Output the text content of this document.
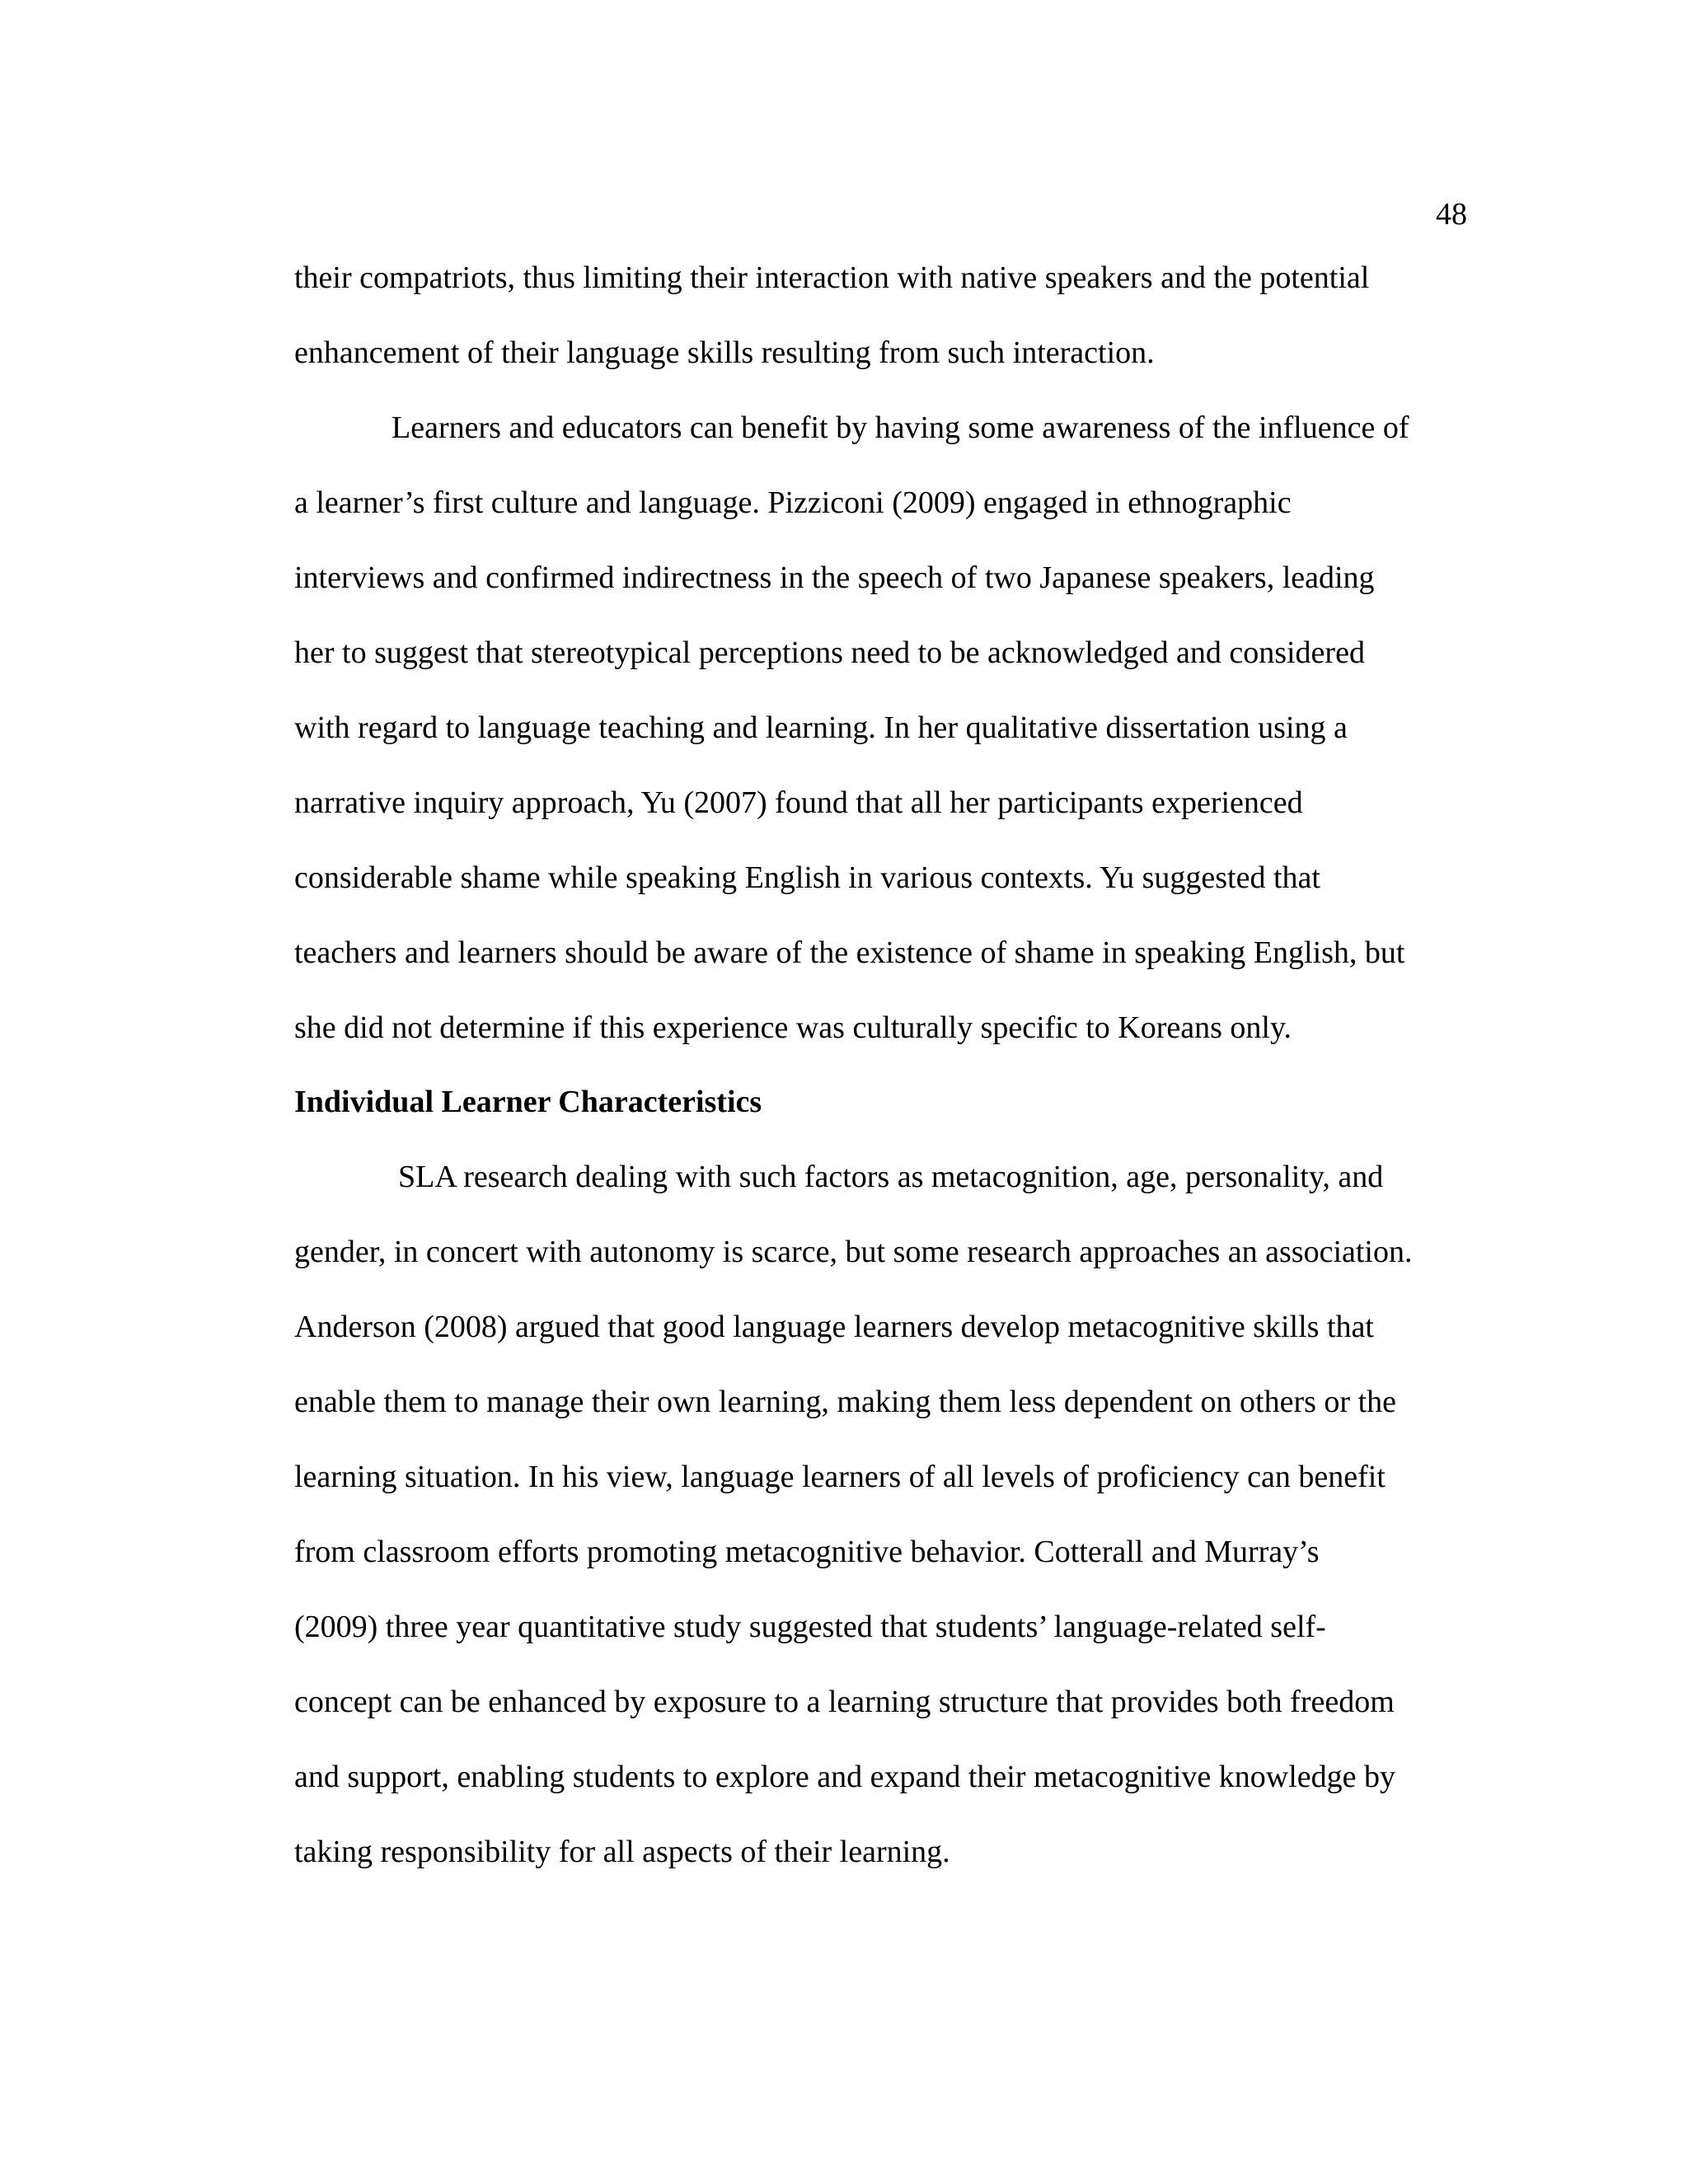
48
their compatriots, thus limiting their interaction with native speakers and the potential
enhancement of their language skills resulting from such interaction.
Learners and educators can benefit by having some awareness of the influence of
a learner’s first culture and language. Pizziconi (2009) engaged in ethnographic
interviews and confirmed indirectness in the speech of two Japanese speakers, leading
her to suggest that stereotypical perceptions need to be acknowledged and considered
with regard to language teaching and learning. In her qualitative dissertation using a
narrative inquiry approach, Yu (2007) found that all her participants experienced
considerable shame while speaking English in various contexts. Yu suggested that
teachers and learners should be aware of the existence of shame in speaking English, but
she did not determine if this experience was culturally specific to Koreans only.
Individual Learner Characteristics
SLA research dealing with such factors as metacognition, age, personality, and
gender, in concert with autonomy is scarce, but some research approaches an association.
Anderson (2008) argued that good language learners develop metacognitive skills that
enable them to manage their own learning, making them less dependent on others or the
learning situation. In his view, language learners of all levels of proficiency can benefit
from classroom efforts promoting metacognitive behavior. Cotterall and Murray’s
(2009) three year quantitative study suggested that students’ language-related self-
concept can be enhanced by exposure to a learning structure that provides both freedom
and support, enabling students to explore and expand their metacognitive knowledge by
taking responsibility for all aspects of their learning.
